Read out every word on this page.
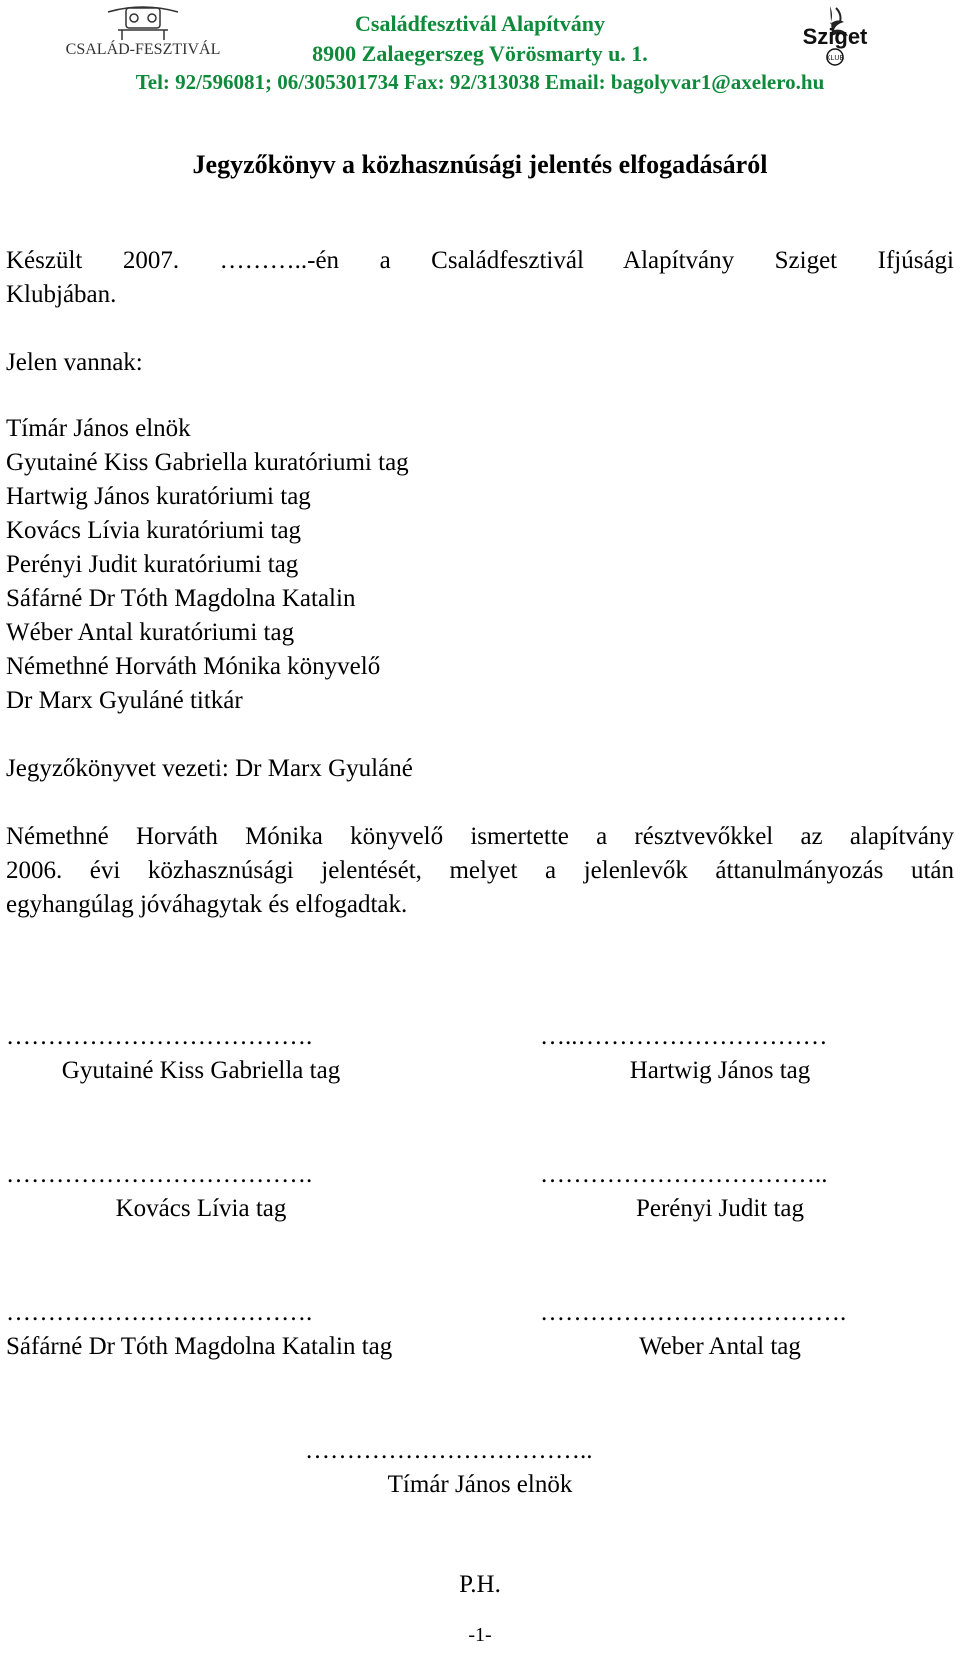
CSALÁD-FESZTIVÁL
Sziget
KLUB
Családfesztivál Alapítvány
8900 Zalaegerszeg Vörösmarty u. 1.
Tel: 92/596081; 06/305301734 Fax: 92/313038 Email: bagolyvar1@axelero.hu
Jegyzőkönyv a közhasznúsági jelentés elfogadásáról
Készült 2007. ………..-én a Családfesztivál Alapítvány Sziget Ifjúsági
Klubjában.
Jelen vannak:
Tímár János elnök
Gyutainé Kiss Gabriella kuratóriumi tag
Hartwig János kuratóriumi tag
Kovács Lívia kuratóriumi tag
Perényi Judit kuratóriumi tag
Sáfárné Dr Tóth Magdolna Katalin
Wéber Antal kuratóriumi tag
Némethné Horváth Mónika könyvelő
Dr Marx Gyuláné titkár
Jegyzőkönyvet vezeti: Dr Marx Gyuláné
Némethné Horváth Mónika könyvelő ismertette a résztvevőkkel az alapítvány
2006. évi közhasznúsági jelentését, melyet a jelenlevők áttanulmányozás után
egyhangúlag jóváhagytak és elfogadtak.
……………………………….
Gyutainé Kiss Gabriella tag
…..…………………………
Hartwig János tag
……………………………….
Kovács Lívia tag
……………………………..
Perényi Judit tag
……………………………….
Sáfárné Dr Tóth Magdolna Katalin tag
……………………………….
Weber Antal tag
……………………………..
Tímár János elnök
P.H.
-1-
